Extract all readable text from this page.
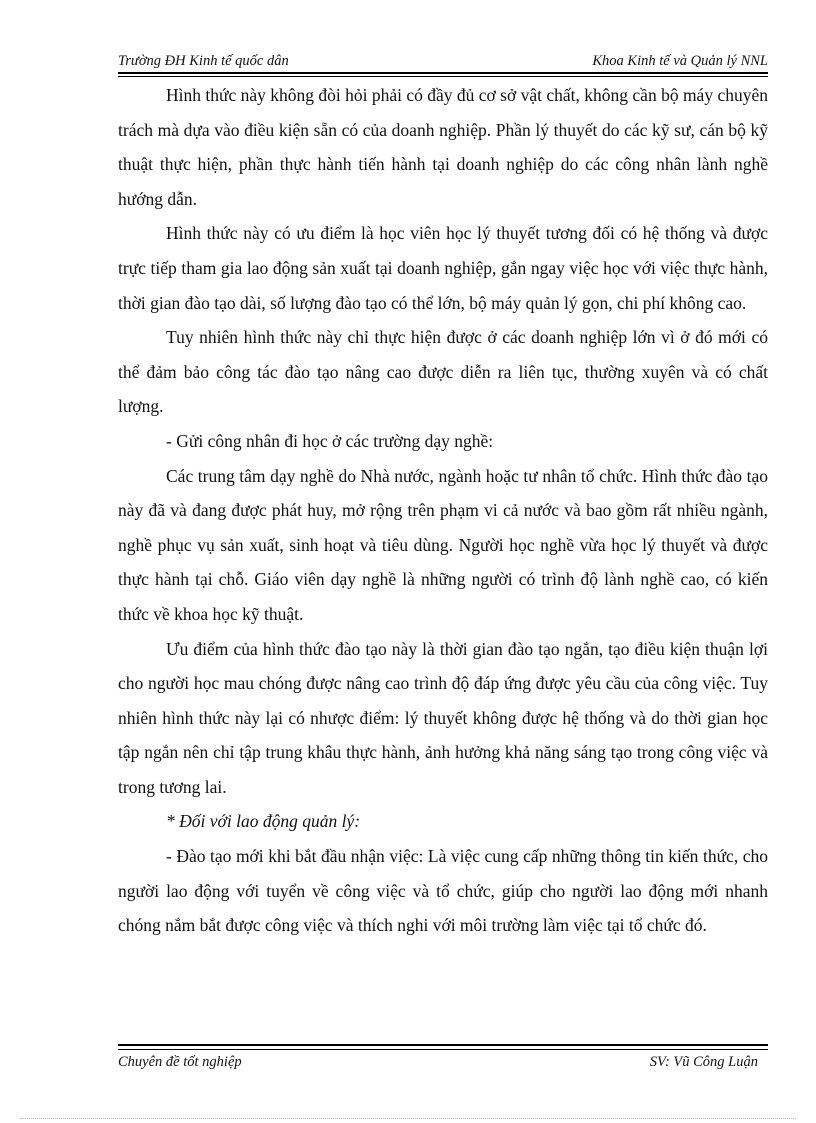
Trường ĐH Kinh tế quốc dân	Khoa Kinh tế và Quản lý NNL

Hình thức này không đòi hỏi phải có đầy đủ cơ sở vật chất, không cần bộ máy chuyên trách mà dựa vào điều kiện sẵn có của doanh nghiệp. Phần lý thuyết do các kỹ sư, cán bộ kỹ thuật thực hiện, phần thực hành tiến hành tại doanh nghiệp do các công nhân lành nghề hướng dẫn.

Hình thức này có ưu điểm là học viên học lý thuyết tương đối có hệ thống và được trực tiếp tham gia lao động sản xuất tại doanh nghiệp, gắn ngay việc học với việc thực hành, thời gian đào tạo dài, số lượng đào tạo có thể lớn, bộ máy quản lý gọn, chi phí không cao.

Tuy nhiên hình thức này chỉ thực hiện được ở các doanh nghiệp lớn vì ở đó mới có thể đảm bảo công tác đào tạo nâng cao được diễn ra liên tục, thường xuyên và có chất lượng.

- Gửi công nhân đi học ở các trường dạy nghề:

Các trung tâm dạy nghề do Nhà nước, ngành hoặc tư nhân tổ chức. Hình thức đào tạo này đã và đang được phát huy, mở rộng trên phạm vi cả nước và bao gồm rất nhiều ngành, nghề phục vụ sản xuất, sinh hoạt và tiêu dùng. Người học nghề vừa học lý thuyết và được thực hành tại chỗ. Giáo viên dạy nghề là những người có trình độ lành nghề cao, có kiến thức về khoa học kỹ thuật.

Ưu điểm của hình thức đào tạo này là thời gian đào tạo ngắn, tạo điều kiện thuận lợi cho người học mau chóng được nâng cao trình độ đáp ứng được yêu cầu của công việc. Tuy nhiên hình thức này lại có nhược điểm: lý thuyết không được hệ thống và do thời gian học tập ngắn nên chỉ tập trung khâu thực hành, ảnh hưởng khả năng sáng tạo trong công việc và trong tương lai.

* Đối với lao động quản lý:

- Đào tạo mới khi bắt đầu nhận việc: Là việc cung cấp những thông tin kiến thức, cho người lao động với tuyển về công việc và tổ chức, giúp cho người lao động mới nhanh chóng nắm bắt được công việc và thích nghi với môi trường làm việc tại tổ chức đó.

Chuyên đề tốt nghiệp	SV: Vũ Công Luận
